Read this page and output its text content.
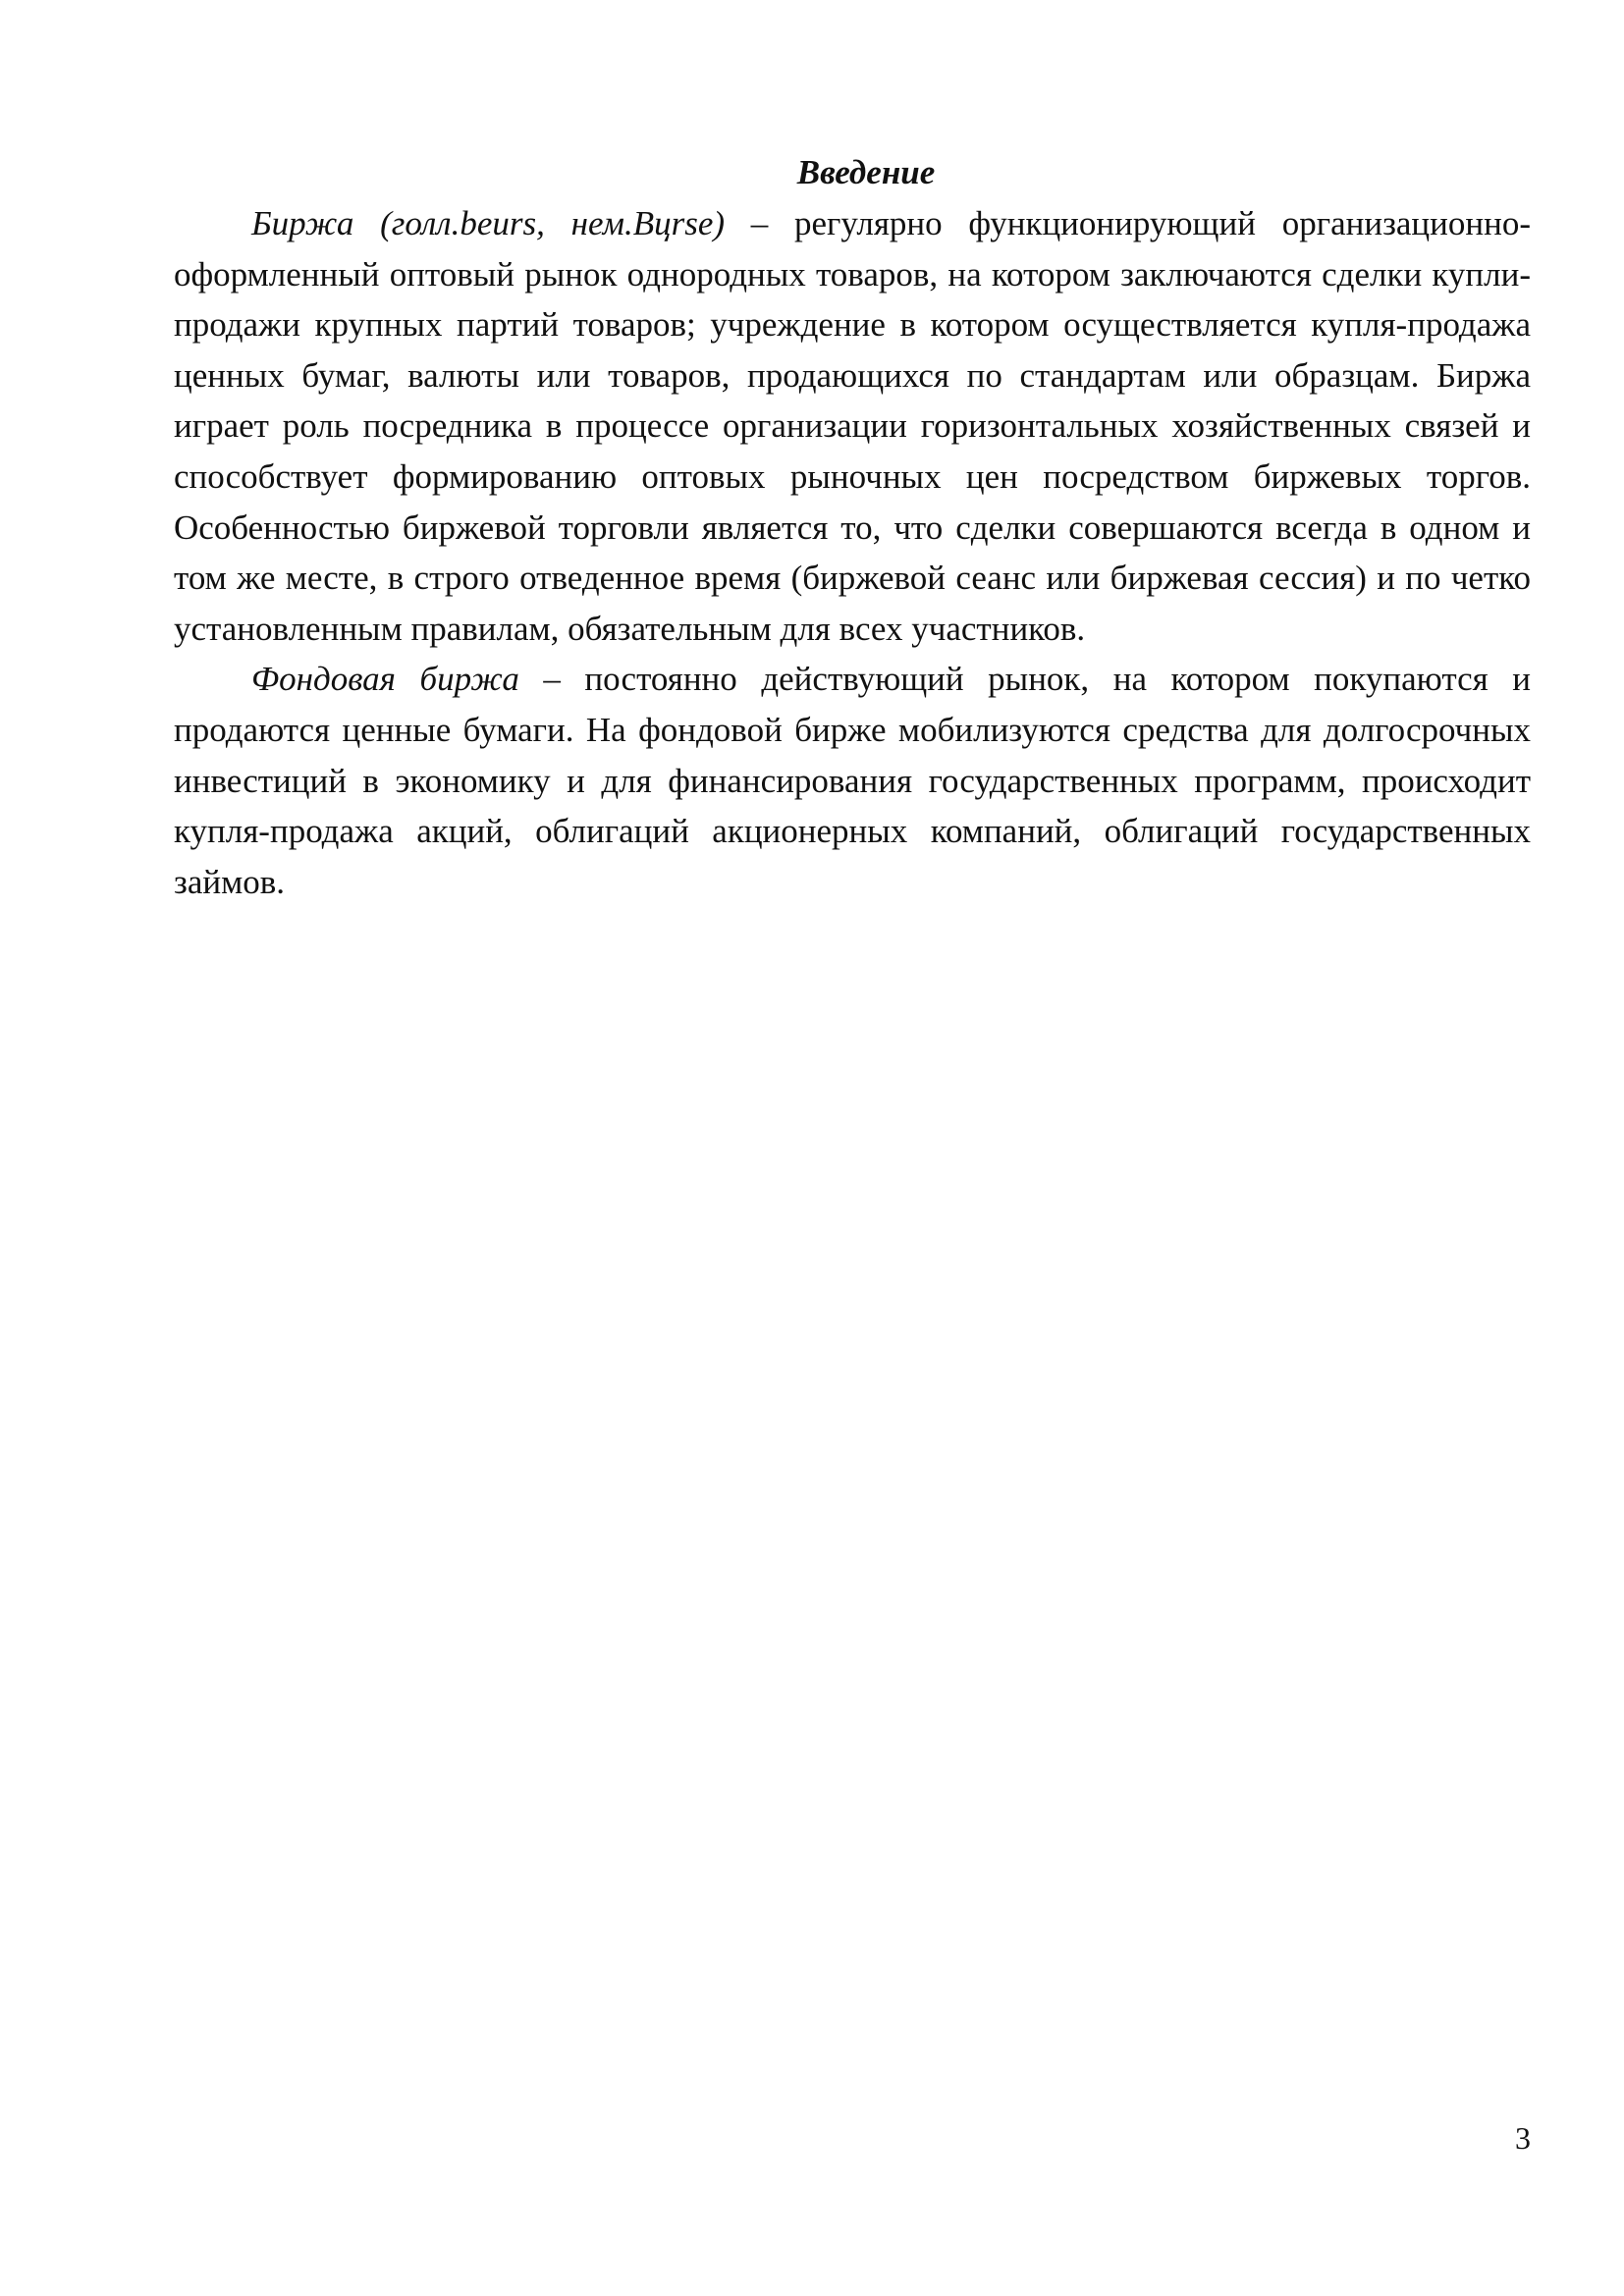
Введение

Биржа (голл.beurs, нем.Bцrse) – регулярно функционирующий организационно-оформленный оптовый рынок однородных товаров, на котором заключаются сделки купли-продажи крупных партий товаров; учреждение в котором осуществляется купля-продажа ценных бумаг, валюты или товаров, продающихся по стандартам или образцам. Биржа играет роль посредника в процессе организации горизонтальных хозяйственных связей и способствует формированию оптовых рыночных цен посредством биржевых торгов. Особенностью биржевой торговли является то, что сделки совершаются всегда в одном и том же месте, в строго отведенное время (биржевой сеанс или биржевая сессия) и по четко установленным правилам, обязательным для всех участников.

Фондовая биржа – постоянно действующий рынок, на котором покупаются и продаются ценные бумаги. На фондовой бирже мобилизуются средства для долгосрочных инвестиций в экономику и для финансирования государственных программ, происходит купля-продажа акций, облигаций акционерных компаний, облигаций государственных займов.

3
